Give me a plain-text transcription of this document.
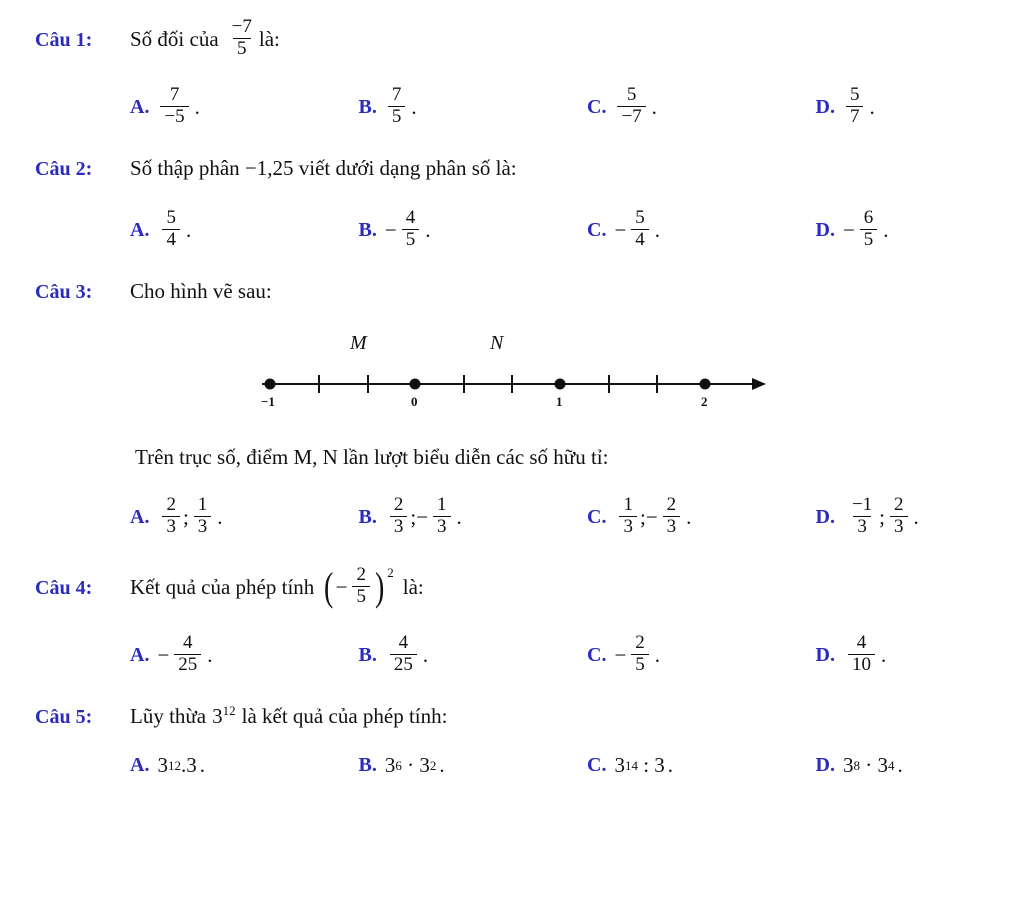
Câu 1:	Số đối của $\frac{-7}{5}$ là:
A. $\frac{7}{-5}$ .	B. $\frac{7}{5}$ .	C. $\frac{5}{-7}$ .	D. $\frac{5}{7}$ .
Câu 2:	Số thập phân −1,25 viết dưới dạng phân số là:
A. $\frac{5}{4}$ .	B. − $\frac{4}{5}$ .	C. − $\frac{5}{4}$ .	D. − $\frac{6}{5}$ .
Câu 3:	Cho hình vẽ sau:
M	N
−1	0	1	2
Trên trục số, điểm M, N lần lượt biểu diễn các số hữu tỉ:
A. $\frac{2}{3}$ ; $\frac{1}{3}$ .	B. $\frac{2}{3}$ ; − $\frac{1}{3}$ .	C. $\frac{1}{3}$ ; − $\frac{2}{3}$ .	D. $\frac{-1}{3}$ ; $\frac{2}{3}$ .
Câu 4:	Kết quả của phép tính ( − $\frac{2}{5}$ ) 2
là:
A. − $\frac{4}{25}$ .	B. $\frac{4}{25}$ .	C. − $\frac{2}{5}$ .	D. $\frac{4}{10}$ .
Câu 5:	Lũy thừa $3^{12}$ là kết quả của phép tính:
A. 3 12 .3 .	B. 3 6 · 3 2 .	C. 3 14 : 3 .	D. 3 8 · 3 4 .
